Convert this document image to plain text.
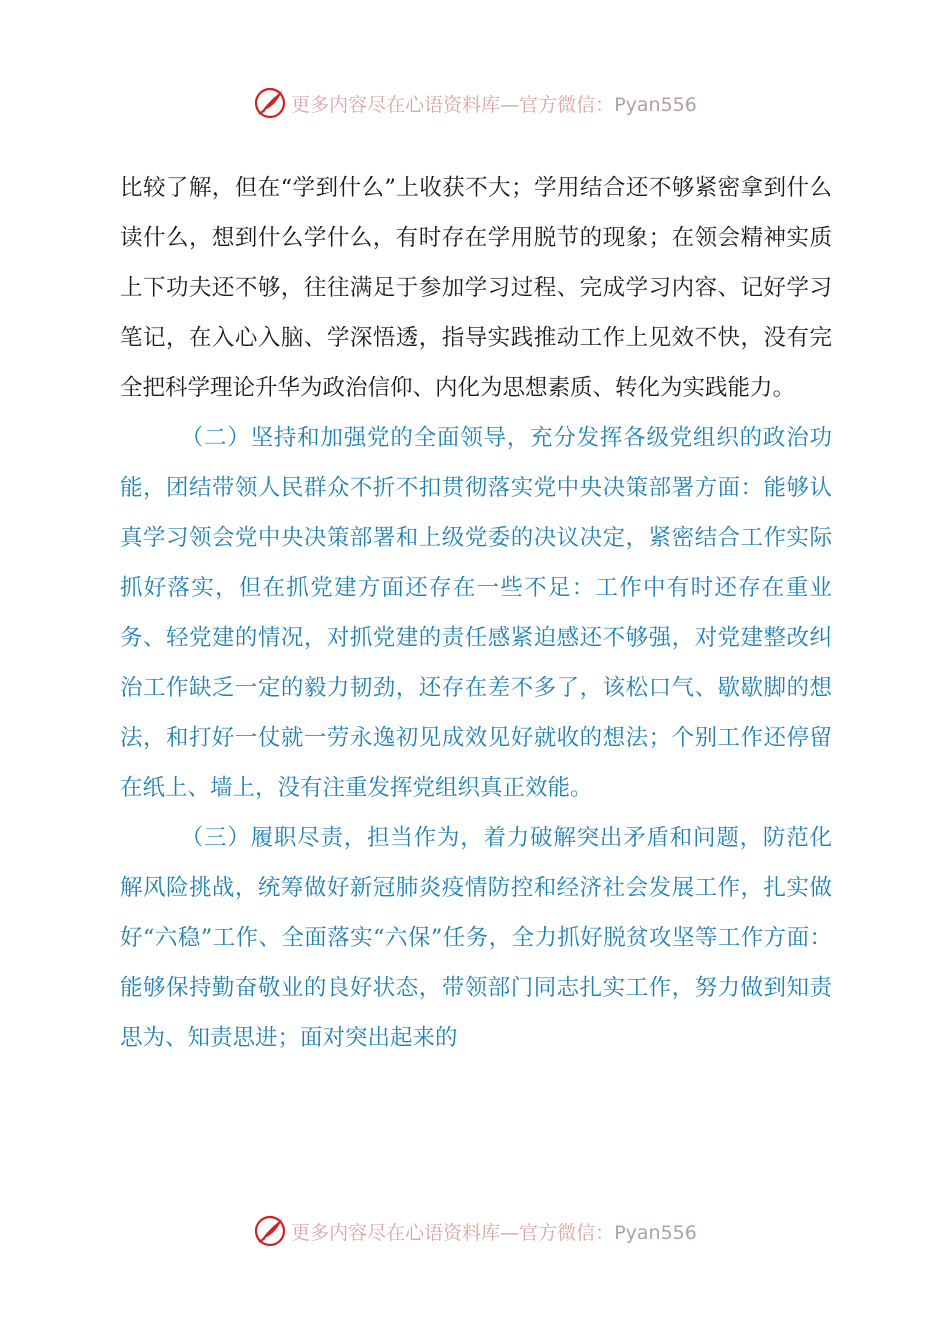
更多内容尽在心语资料库—官方微信：Pyan556

比较了解，但在“学到什么”上收获不大；学用结合还不够紧密拿到什么读什么，想到什么学什么，有时存在学用脱节的现象；在领会精神实质上下功夫还不够，往往满足于参加学习过程、完成学习内容、记好学习笔记，在入心入脑、学深悟透，指导实践推动工作上见效不快，没有完全把科学理论升华为政治信仰、内化为思想素质、转化为实践能力。

（二）坚持和加强党的全面领导，充分发挥各级党组织的政治功能，团结带领人民群众不折不扣贯彻落实党中央决策部署方面：能够认真学习领会党中央决策部署和上级党委的决议决定，紧密结合工作实际抓好落实，但在抓党建方面还存在一些不足：工作中有时还存在重业务、轻党建的情况，对抓党建的责任感紧迫感还不够强，对党建整改纠治工作缺乏一定的毅力韧劲，还存在差不多了，该松口气、歇歇脚的想法，和打好一仗就一劳永逸初见成效见好就收的想法；个别工作还停留在纸上、墙上，没有注重发挥党组织真正效能。

（三）履职尽责，担当作为，着力破解突出矛盾和问题，防范化解风险挑战，统筹做好新冠肺炎疫情防控和经济社会发展工作，扎实做好“六稳”工作、全面落实“六保”任务，全力抓好脱贫攻坚等工作方面：能够保持勤奋敬业的良好状态，带领部门同志扎实工作，努力做到知责思为、知责思进；面对突出起来的

更多内容尽在心语资料库—官方微信：Pyan556
